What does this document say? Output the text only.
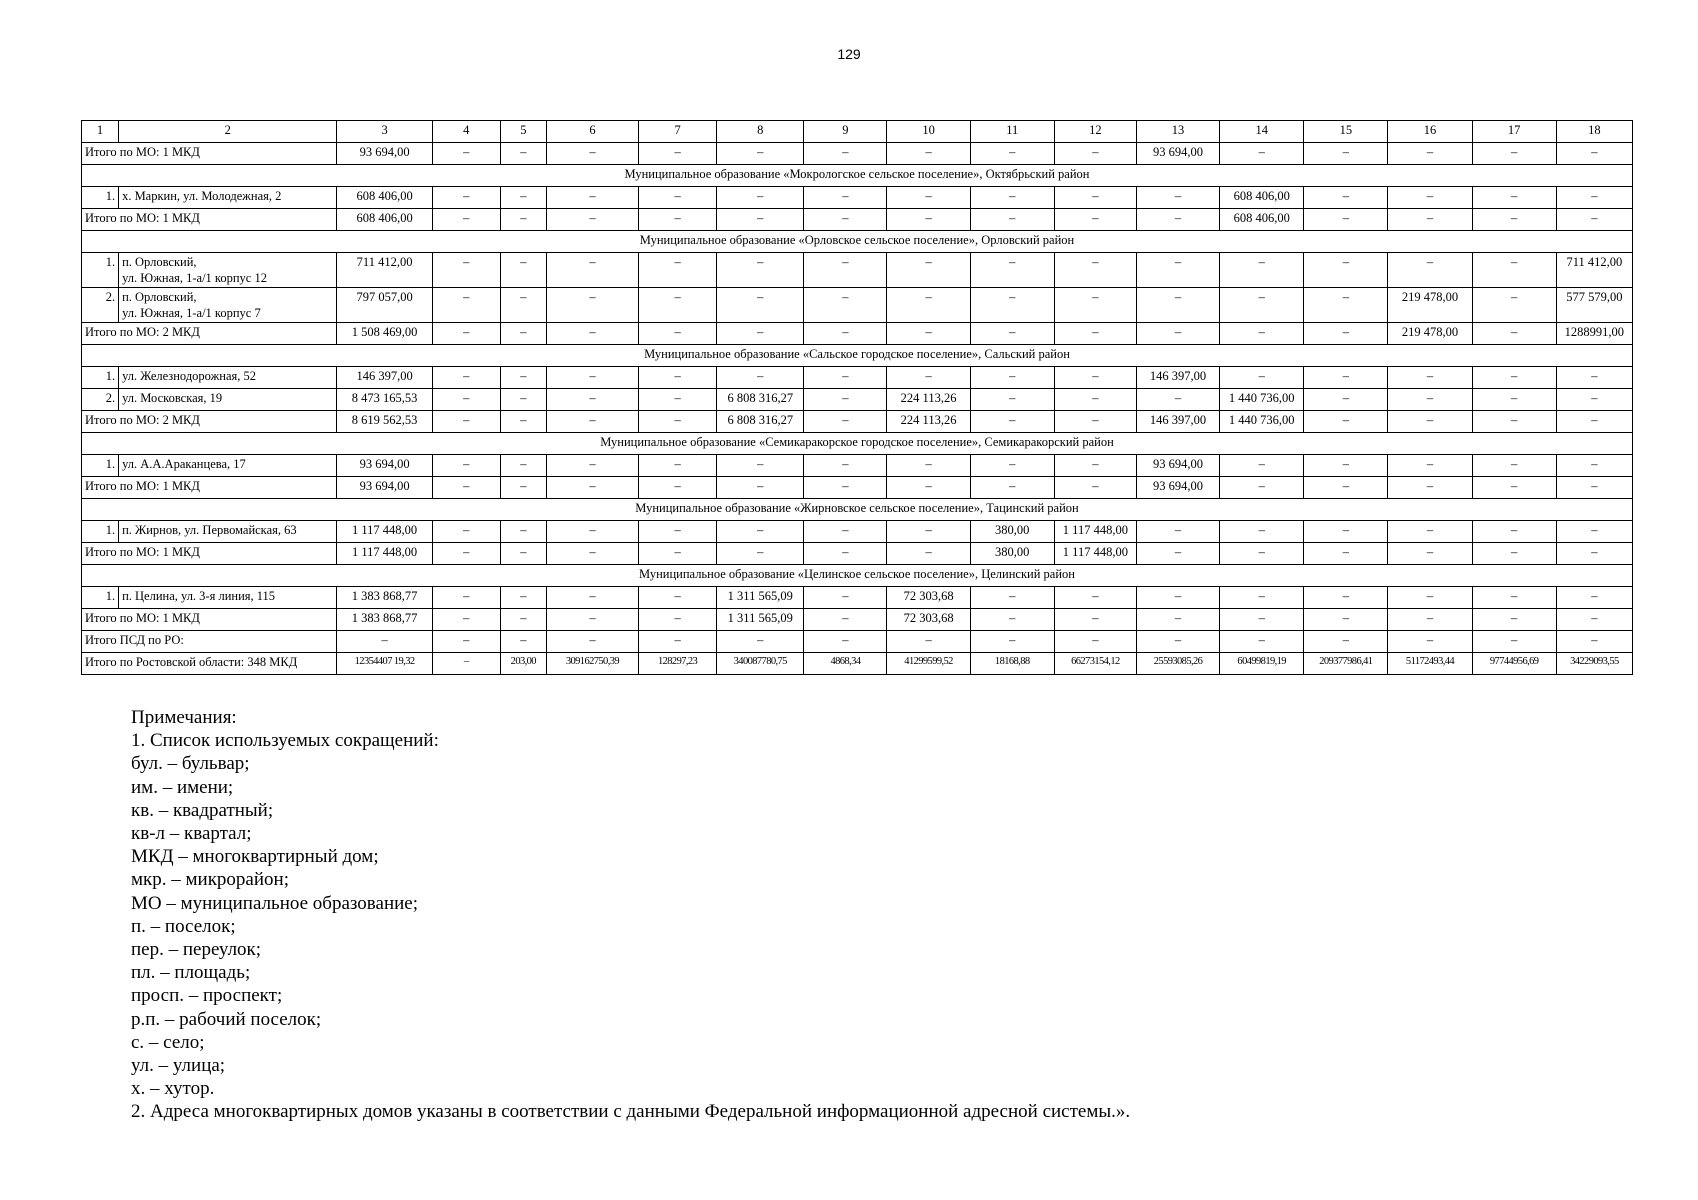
129
1	2	3	4	5	6	7	8	9	10	11	12	13	14	15	16	17	18
Итого по МО: 1 МКД		93 694,00	–	–	–	–	–	–	–	–	–	93 694,00	–	–	–	–	–
Муниципальное образование «Мокрологское сельское поселение», Октябрьский район																	
1.	х. Маркин, ул. Молодежная, 2	608 406,00	–	–	–	–	–	–	–	–	–	–	608 406,00	–	–	–	–
Итого по МО: 1 МКД		608 406,00	–	–	–	–	–	–	–	–	–	–	608 406,00	–	–	–	–
Муниципальное образование «Орловское сельское поселение», Орловский район																	
1.	п. Орловский,
ул. Южная, 1-а/1 корпус 12	711 412,00	–	–	–	–	–	–	–	–	–	–	–	–	–	–	711 412,00
2.	п. Орловский,
ул. Южная, 1-а/1 корпус 7	797 057,00	–	–	–	–	–	–	–	–	–	–	–	–	219 478,00	–	577 579,00
Итого по МО: 2 МКД		1 508 469,00	–	–	–	–	–	–	–	–	–	–	–	–	219 478,00	–	1288991,00
Муниципальное образование «Сальское городское поселение», Сальский район																	
1.	ул. Железнодорожная, 52	146 397,00	–	–	–	–	–	–	–	–	–	146 397,00	–	–	–	–	–
2.	ул. Московская, 19	8 473 165,53	–	–	–	–	6 808 316,27	–	224 113,26	–	–	–	1 440 736,00	–	–	–	–
Итого по МО: 2 МКД		8 619 562,53	–	–	–	–	6 808 316,27	–	224 113,26	–	–	146 397,00	1 440 736,00	–	–	–	–
Муниципальное образование «Семикаракорское городское поселение», Семикаракорский район																	
1.	ул. А.А.Араканцева, 17	93 694,00	–	–	–	–	–	–	–	–	–	93 694,00	–	–	–	–	–
Итого по МО: 1 МКД		93 694,00	–	–	–	–	–	–	–	–	–	93 694,00	–	–	–	–	–
Муниципальное образование «Жирновское сельское поселение», Тацинский район																	
1.	п. Жирнов, ул. Первомайская, 63	1 117 448,00	–	–	–	–	–	–	–	380,00	1 117 448,00	–	–	–	–	–	–
Итого по МО: 1 МКД		1 117 448,00	–	–	–	–	–	–	–	380,00	1 117 448,00	–	–	–	–	–	–
Муниципальное образование «Целинское сельское поселение», Целинский район																	
1.	п. Целина, ул. 3-я линия, 115	1 383 868,77	–	–	–	–	1 311 565,09	–	72 303,68	–	–	–	–	–	–	–	–
Итого по МО: 1 МКД		1 383 868,77	–	–	–	–	1 311 565,09	–	72 303,68	–	–	–	–	–	–	–	–
Итого ПСД по РО:		–	–	–	–	–	–	–	–	–	–	–	–	–	–	–	–
Итого по Ростовской области: 348 МКД		12354407 19,32	–	203,00	309162750,39	128297,23	340087780,75	4868,34	41299599,52	18168,88	66273154,12	25593085,26	60499819,19	209377986,41	51172493,44	97744956,69	34229093,55
Примечания:
1. Список используемых сокращений:
бул. – бульвар;
им. – имени;
кв. – квадратный;
кв-л – квартал;
МКД – многоквартирный дом;
мкр. – микрорайон;
МО – муниципальное образование;
п. – поселок;
пер. – переулок;
пл. – площадь;
просп. – проспект;
р.п. – рабочий поселок;
с. – село;
ул. – улица;
х. – хутор.
2. Адреса многоквартирных домов указаны в соответствии с данными Федеральной информационной адресной системы.».
